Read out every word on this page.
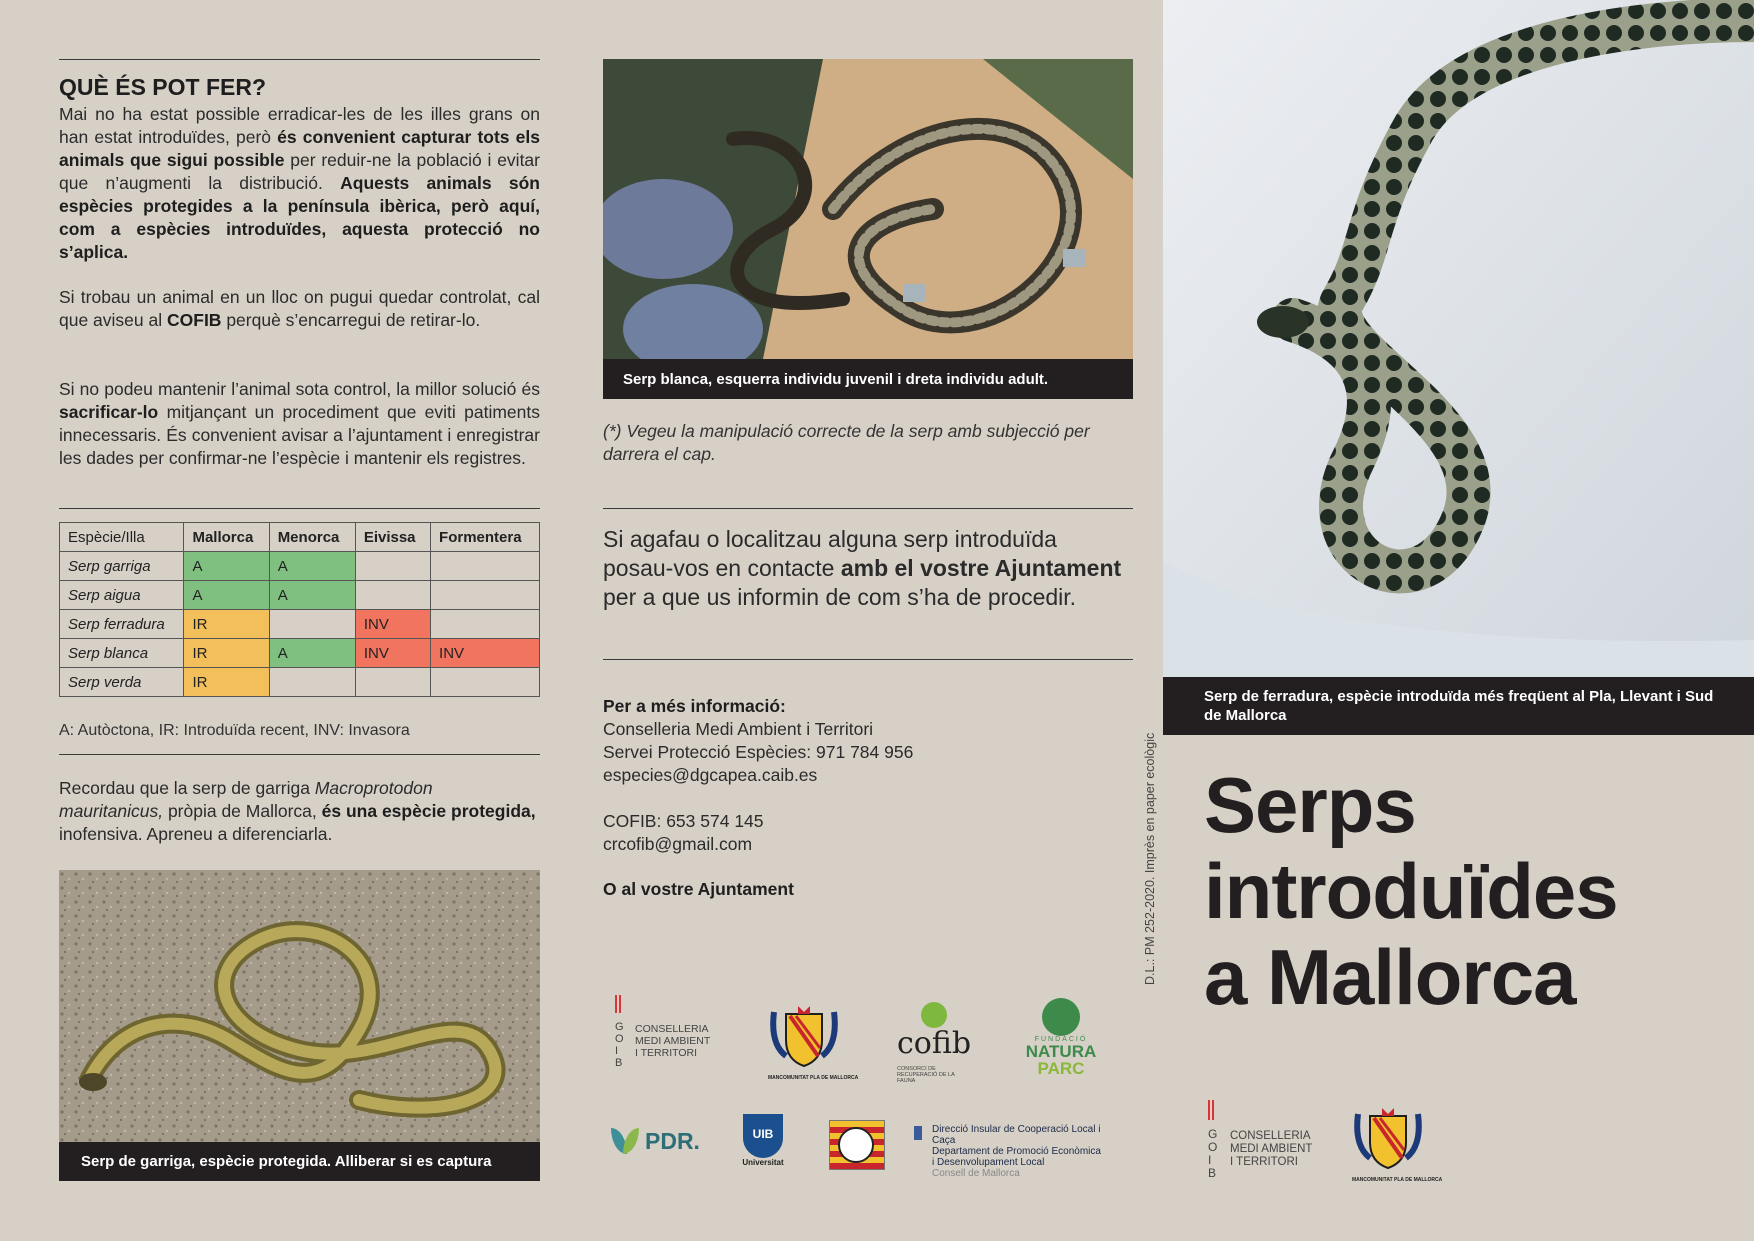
QUÈ ÉS POT FER?

Mai no ha estat possible erradicar-les de les illes grans on han estat introduïdes, però és convenient capturar tots els animals que sigui possible per reduir-ne la població i evitar que n’augmenti la distribució. Aquests animals són espècies protegides a la península ibèrica, però aquí, com a espècies introduïdes, aquesta protecció no s’aplica.

Si trobau un animal en un lloc on pugui quedar controlat, cal que aviseu al COFIB perquè s’encarregui de retirar-lo.

Si no podeu mantenir l’animal sota control, la millor solució és sacrificar-lo mitjançant un procediment que eviti patiments innecessaris. És convenient avisar a l’ajuntament i enregistrar les dades per confirmar-ne l’espècie i mantenir els registres.

Espècie/Illa	Mallorca	Menorca	Eivissa	Formentera
Serp garriga	A	A		
Serp aigua	A	A		
Serp ferradura	IR		INV	
Serp blanca	IR	A	INV	INV
Serp verda	IR			
A: Autòctona, IR: Introduïda recent, INV: Invasora

Recordau que la serp de garriga Macroprotodon mauritanicus, pròpia de Mallorca, és una espècie protegida, inofensiva. Apreneu a diferenciarla.

Serp de garriga, espècie protegida. Alliberar si es captura
Serp blanca, esquerra individu juvenil i dreta individu adult.
(*) Vegeu la manipulació correcte de la serp amb subjecció per darrera el cap.

Si agafau o localitzau alguna serp introduïda posau-vos en contacte amb el vostre Ajuntament per a que us informin de com s’ha de procedir.

Per a més informació:
Conselleria Medi Ambient i Territori
Servei Protecció Espècies: 971 784 956
especies@dgcapea.caib.es
COFIB: 653 574 145
crcofib@gmail.com
O al vostre Ajuntament	D.L.: PM 252-2020. Imprès en paper ecològic
GOIB
CONSELLERIA
MEDI AMBIENT
I TERRITORI
MANCOMUNITAT PLA DE MALLORCA
cofib
CONSORCI DE RECUPERACIÓ DE LA FAUNA
FUNDACIÓ
NATURA
PARC
PDR.	UIB
Universitat
Direcció Insular de Cooperació Local i Caça
Departament de Promoció Econòmica
i Desenvolupament Local
Consell de Mallorca
Serp de ferradura, espècie introduïda més freqüent al Pla, Llevant i Sud de Mallorca
Serps
introduïdes
a Mallorca
GOIB
CONSELLERIA
MEDI AMBIENT
I TERRITORI
MANCOMUNITAT PLA DE MALLORCA
